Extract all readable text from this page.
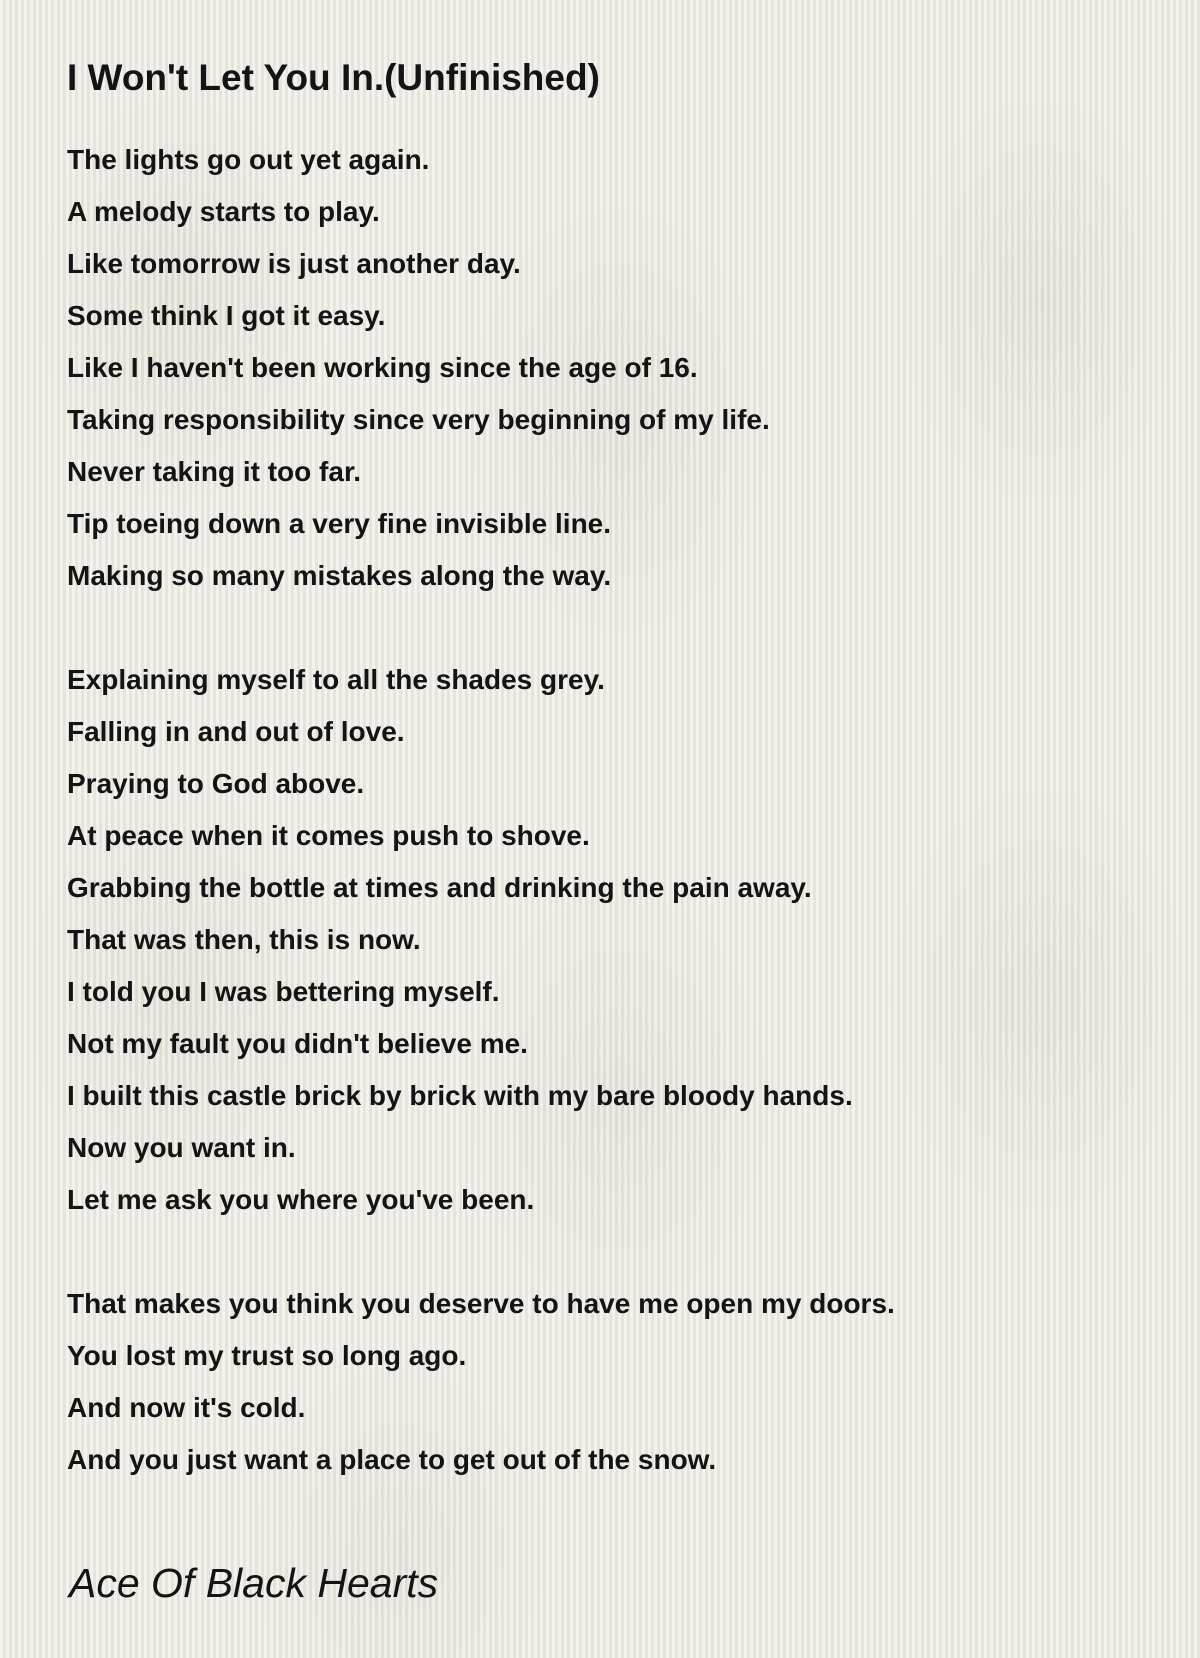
I Won't Let You In.(Unfinished)
The lights go out yet again.
A melody starts to play.
Like tomorrow is just another day.
Some think I got it easy.
Like I haven't been working since the age of 16.
Taking responsibility since very beginning of my life.
Never taking it too far.
Tip toeing down a very fine invisible line.
Making so many mistakes along the way.
Explaining myself to all the shades grey.
Falling in and out of love.
Praying to God above.
At peace when it comes push to shove.
Grabbing the bottle at times and drinking the pain away.
That was then, this is now.
I told you I was bettering myself.
Not my fault you didn't believe me.
I built this castle brick by brick with my bare bloody hands.
Now you want in.
Let me ask you where you've been.
That makes you think you deserve to have me open my doors.
You lost my trust so long ago.
And now it's cold.
And you just want a place to get out of the snow.
Ace Of Black Hearts
